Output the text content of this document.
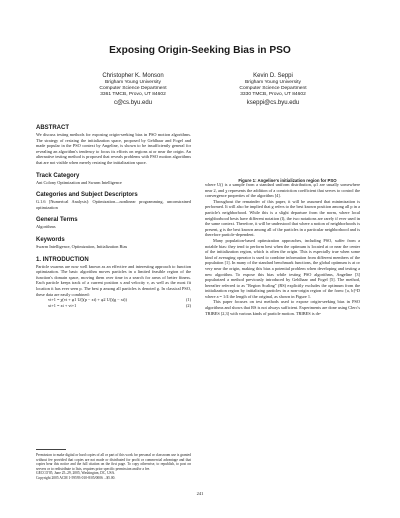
Exposing Origin-Seeking Bias in PSO
Christopher K. Monson
Brigham Young University
Computer Science Department
3361 TMCB, Provo, UT 84602
c@cs.byu.edu
Kevin D. Seppi
Brigham Young University
Computer Science Department
3330 TMCB, Provo, UT 84602
kseppi@cs.byu.edu
ABSTRACT

We discuss testing methods for exposing origin-seeking bias in PSO motion algorithms. The strategy of resizing the initialization space, proposed by Gehlhaar and Fogel and made popular in the PSO context by Angeline, is shown to be insufficiently general for revealing an algorithm's tendency to focus its efforts on regions at or near the origin. An alternative testing method is proposed that reveals problems with PSO motion algorithms that are not visible when merely resizing the initialization space.

Track Category

Ant Colony Optimization and Swarm Intelligence

Categories and Subject Descriptors

G.1.6 [Numerical Analysis]: Optimization—nonlinear programming, unconstrained optimization

General Terms

Algorithms

Keywords

Swarm Intelligence, Optimization, Initialization Bias

1. INTRODUCTION

Particle swarms are now well known as an effective and interesting approach to function optimization. The basic algorithm moves particles in a limited feasible region of the function's domain space, moving them over time in a search for areas of better fitness. Each particle keeps track of a current position x and velocity v, as well as the most fit location it has ever seen p. The best p among all particles is denoted g. In classical PSO, these data are easily combined:

vt+1 = χ(vt + φ1 U()(p − xt) + φ2 U()(g − xt))	(1)
xt+1 = xt + vt+1	(2)
Permission to make digital or hard copies of all or part of this work for personal or classroom use is granted without fee provided that copies are not made or distributed for profit or commercial advantage and that copies bear this notice and the full citation on the first page. To copy otherwise, to republish, to post on servers or to redistribute to lists, requires prior specific permission and/or a fee.
GECCO'05, June 25–29, 2005, Washington, DC, USA.
Copyright 2005 ACM 1-59593-010-8/05/0006 ...$5.00.
Figure 1: Angeline's initialization region for PSO

where U() is a sample from a standard uniform distribution, φ1 are usually somewhere near 2, and χ represents the addition of a constriction coefficient that serves to control the convergence properties of the algorithm [4].

Throughout the remainder of this paper, it will be assumed that minimization is performed. It will also be implied that g refers to the best known position among all p in a particle's neighborhood. While this is a slight departure from the norm, where local neighborhood bests have different notation (l), the two notations are rarely if ever used in the same context. Therefore, it will be understood that where a notion of neighborhoods is present, g is the best known among all of the particles in a particular neighborhood and is therefore particle-dependent.

Many population-based optimization approaches, including PSO, suffer from a notable bias: they tend to perform best when the optimum is located at or near the center of the initialization region, which is often the origin. This is especially true when some kind of averaging operator is used to combine information from different members of the population [1]. In many of the standard benchmark functions, the global optimum is at or very near the origin, making this bias a potential problem when developing and testing a new algorithm. To expose this bias while testing PSO algorithms, Angeline [3] popularized a method previously introduced by Gehlhaar and Fogel [5]. The method, hereafter referred to as "Region Scaling" (RS) explicitly excludes the optimum from the initialization region by initializing particles in a non-origin region of the form: [a, b]^D where a = 1/4 the length of the original, as shown in Figure 1.

This paper focuses on test methods used to expose origin-seeking bias in PSO algorithms and shows that RS is not always sufficient. Experiments are done using Clerc's TRIBES [2,3] with various kinds of particle motion. TRIBES is de-

241
